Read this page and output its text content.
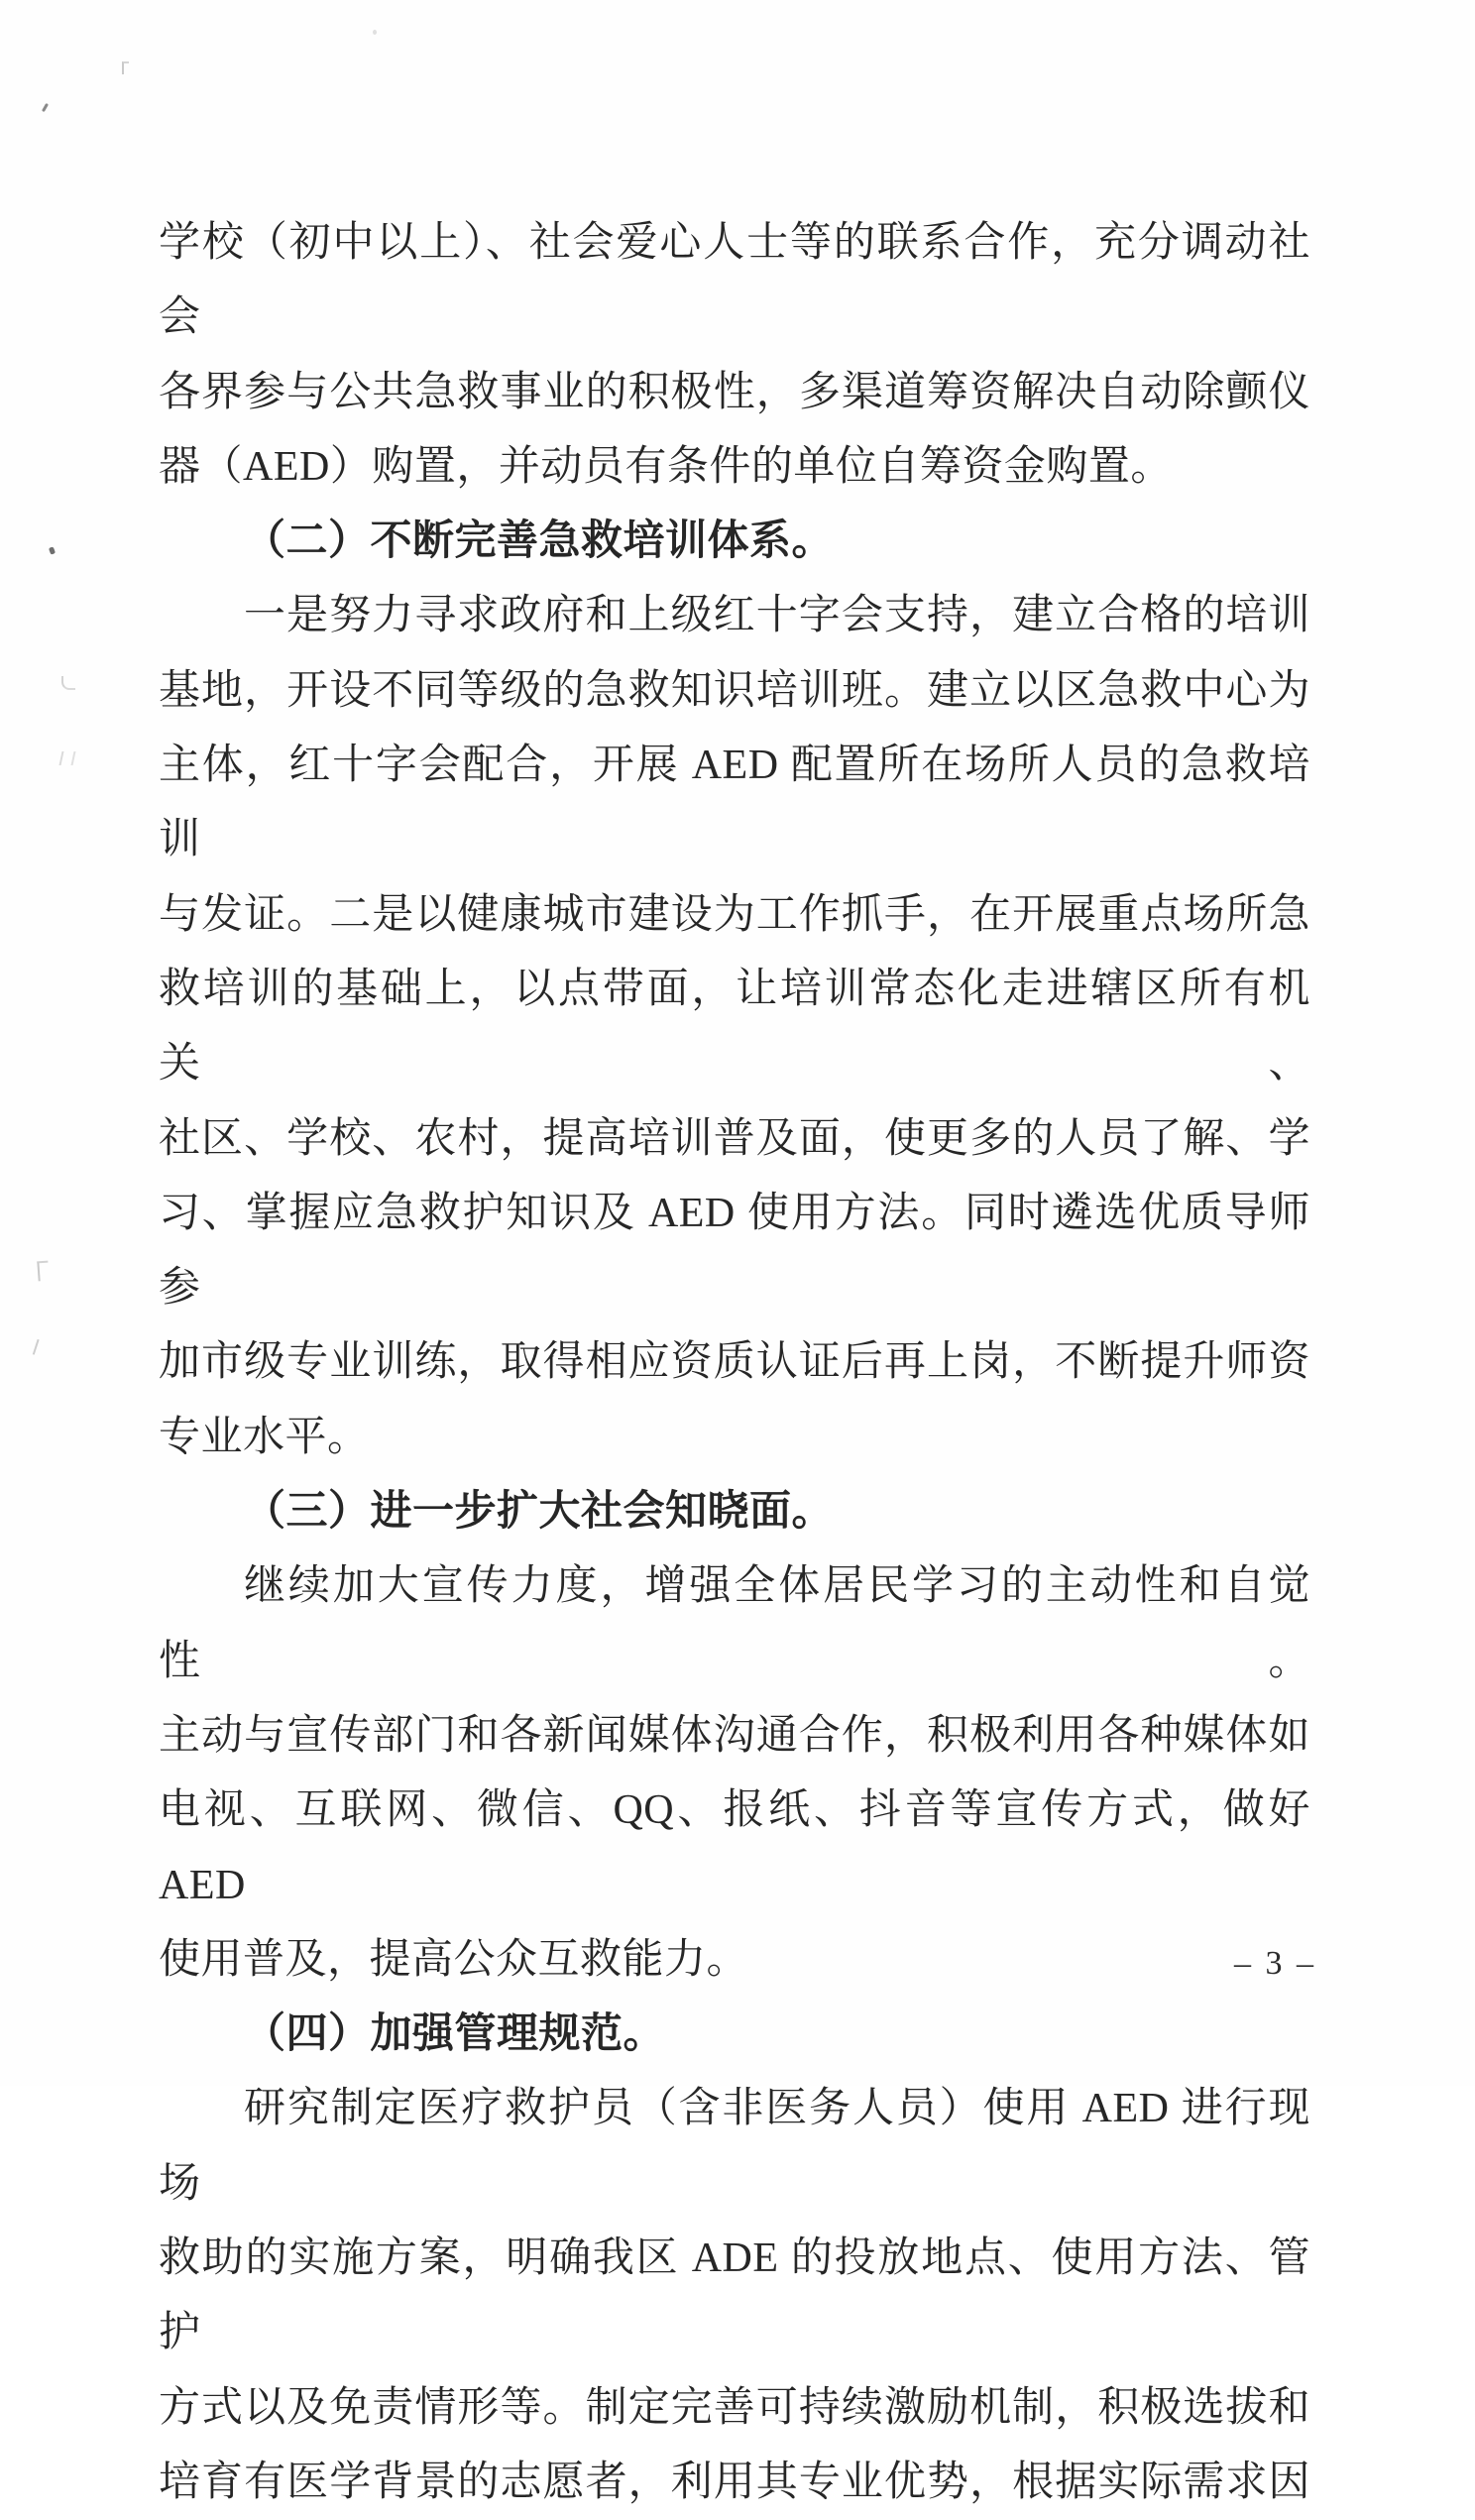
学校（初中以上）、社会爱心人士等的联系合作，充分调动社会
各界参与公共急救事业的积极性，多渠道筹资解决自动除颤仪
器（AED）购置，并动员有条件的单位自筹资金购置。
（二）不断完善急救培训体系。
一是努力寻求政府和上级红十字会支持，建立合格的培训
基地，开设不同等级的急救知识培训班。建立以区急救中心为
主体，红十字会配合，开展 AED 配置所在场所人员的急救培训
与发证。二是以健康城市建设为工作抓手，在开展重点场所急
救培训的基础上，以点带面，让培训常态化走进辖区所有机关、
社区、学校、农村，提高培训普及面，使更多的人员了解、学
习、掌握应急救护知识及 AED 使用方法。同时遴选优质导师参
加市级专业训练，取得相应资质认证后再上岗，不断提升师资
专业水平。
（三）进一步扩大社会知晓面。
继续加大宣传力度，增强全体居民学习的主动性和自觉性。
主动与宣传部门和各新闻媒体沟通合作，积极利用各种媒体如
电视、互联网、微信、QQ、报纸、抖音等宣传方式，做好 AED
使用普及，提高公众互救能力。
（四）加强管理规范。
研究制定医疗救护员（含非医务人员）使用 AED 进行现场
救助的实施方案，明确我区 ADE 的投放地点、使用方法、管护
方式以及免责情形等。制定完善可持续激励机制，积极选拔和
培育有医学背景的志愿者，利用其专业优势，根据实际需求因
– 3 –
